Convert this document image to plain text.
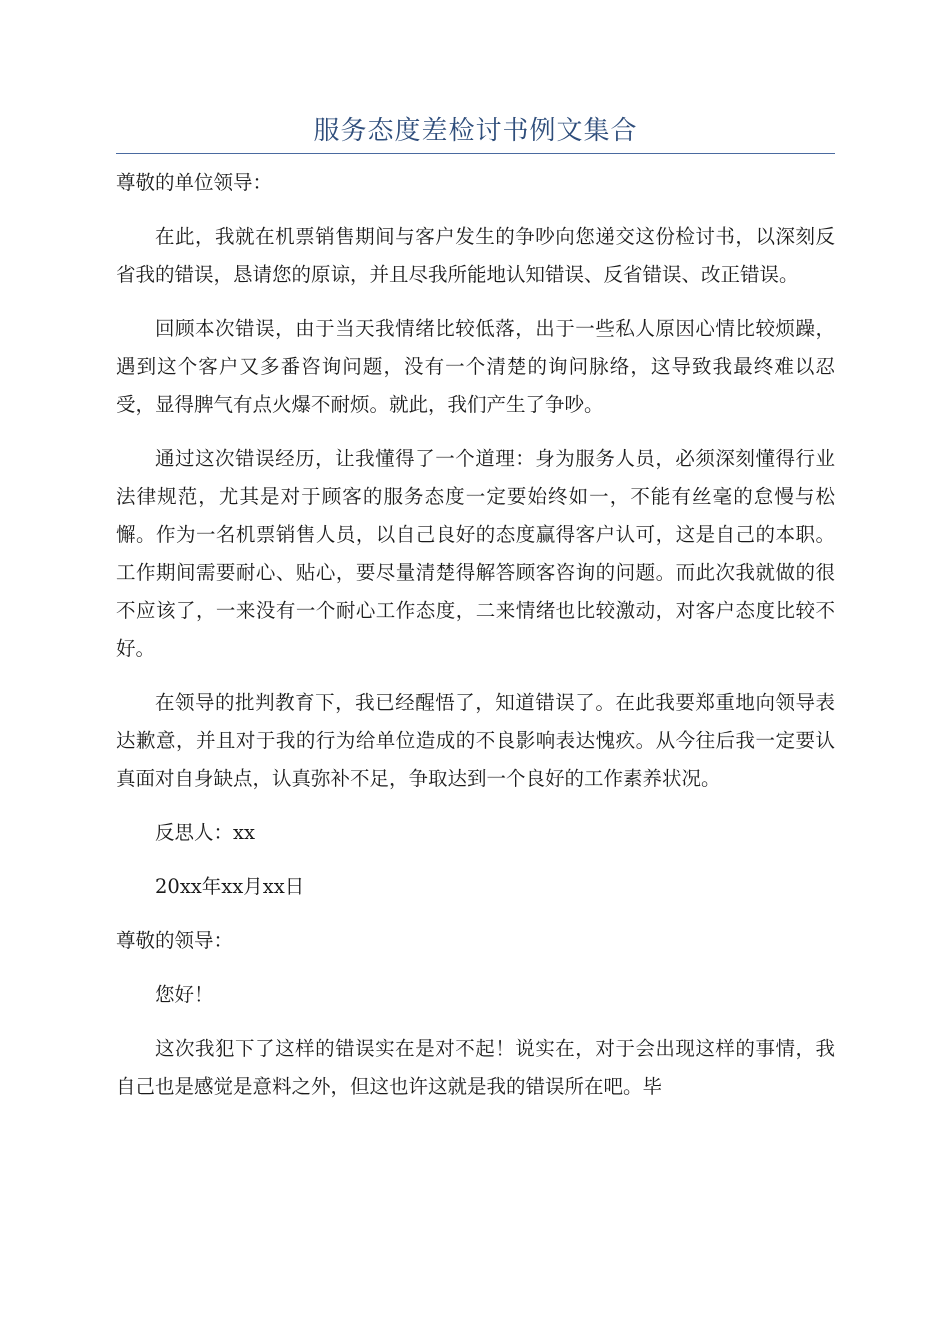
服务态度差检讨书例文集合

尊敬的单位领导：

在此，我就在机票销售期间与客户发生的争吵向您递交这份检讨书，以深刻反省我的错误，恳请您的原谅，并且尽我所能地认知错误、反省错误、改正错误。

回顾本次错误，由于当天我情绪比较低落，出于一些私人原因心情比较烦躁，遇到这个客户又多番咨询问题，没有一个清楚的询问脉络，这导致我最终难以忍受，显得脾气有点火爆不耐烦。就此，我们产生了争吵。

通过这次错误经历，让我懂得了一个道理：身为服务人员，必须深刻懂得行业法律规范，尤其是对于顾客的服务态度一定要始终如一，不能有丝毫的怠慢与松懈。作为一名机票销售人员，以自己良好的态度赢得客户认可，这是自己的本职。工作期间需要耐心、贴心，要尽量清楚得解答顾客咨询的问题。而此次我就做的很不应该了，一来没有一个耐心工作态度，二来情绪也比较激动，对客户态度比较不好。

在领导的批判教育下，我已经醒悟了，知道错误了。在此我要郑重地向领导表达歉意，并且对于我的行为给单位造成的不良影响表达愧疚。从今往后我一定要认真面对自身缺点，认真弥补不足，争取达到一个良好的工作素养状况。

反思人：xx

20xx年xx月xx日

尊敬的领导：

您好！

这次我犯下了这样的错误实在是对不起！说实在，对于会出现这样的事情，我自己也是感觉是意料之外，但这也许这就是我的错误所在吧。毕
